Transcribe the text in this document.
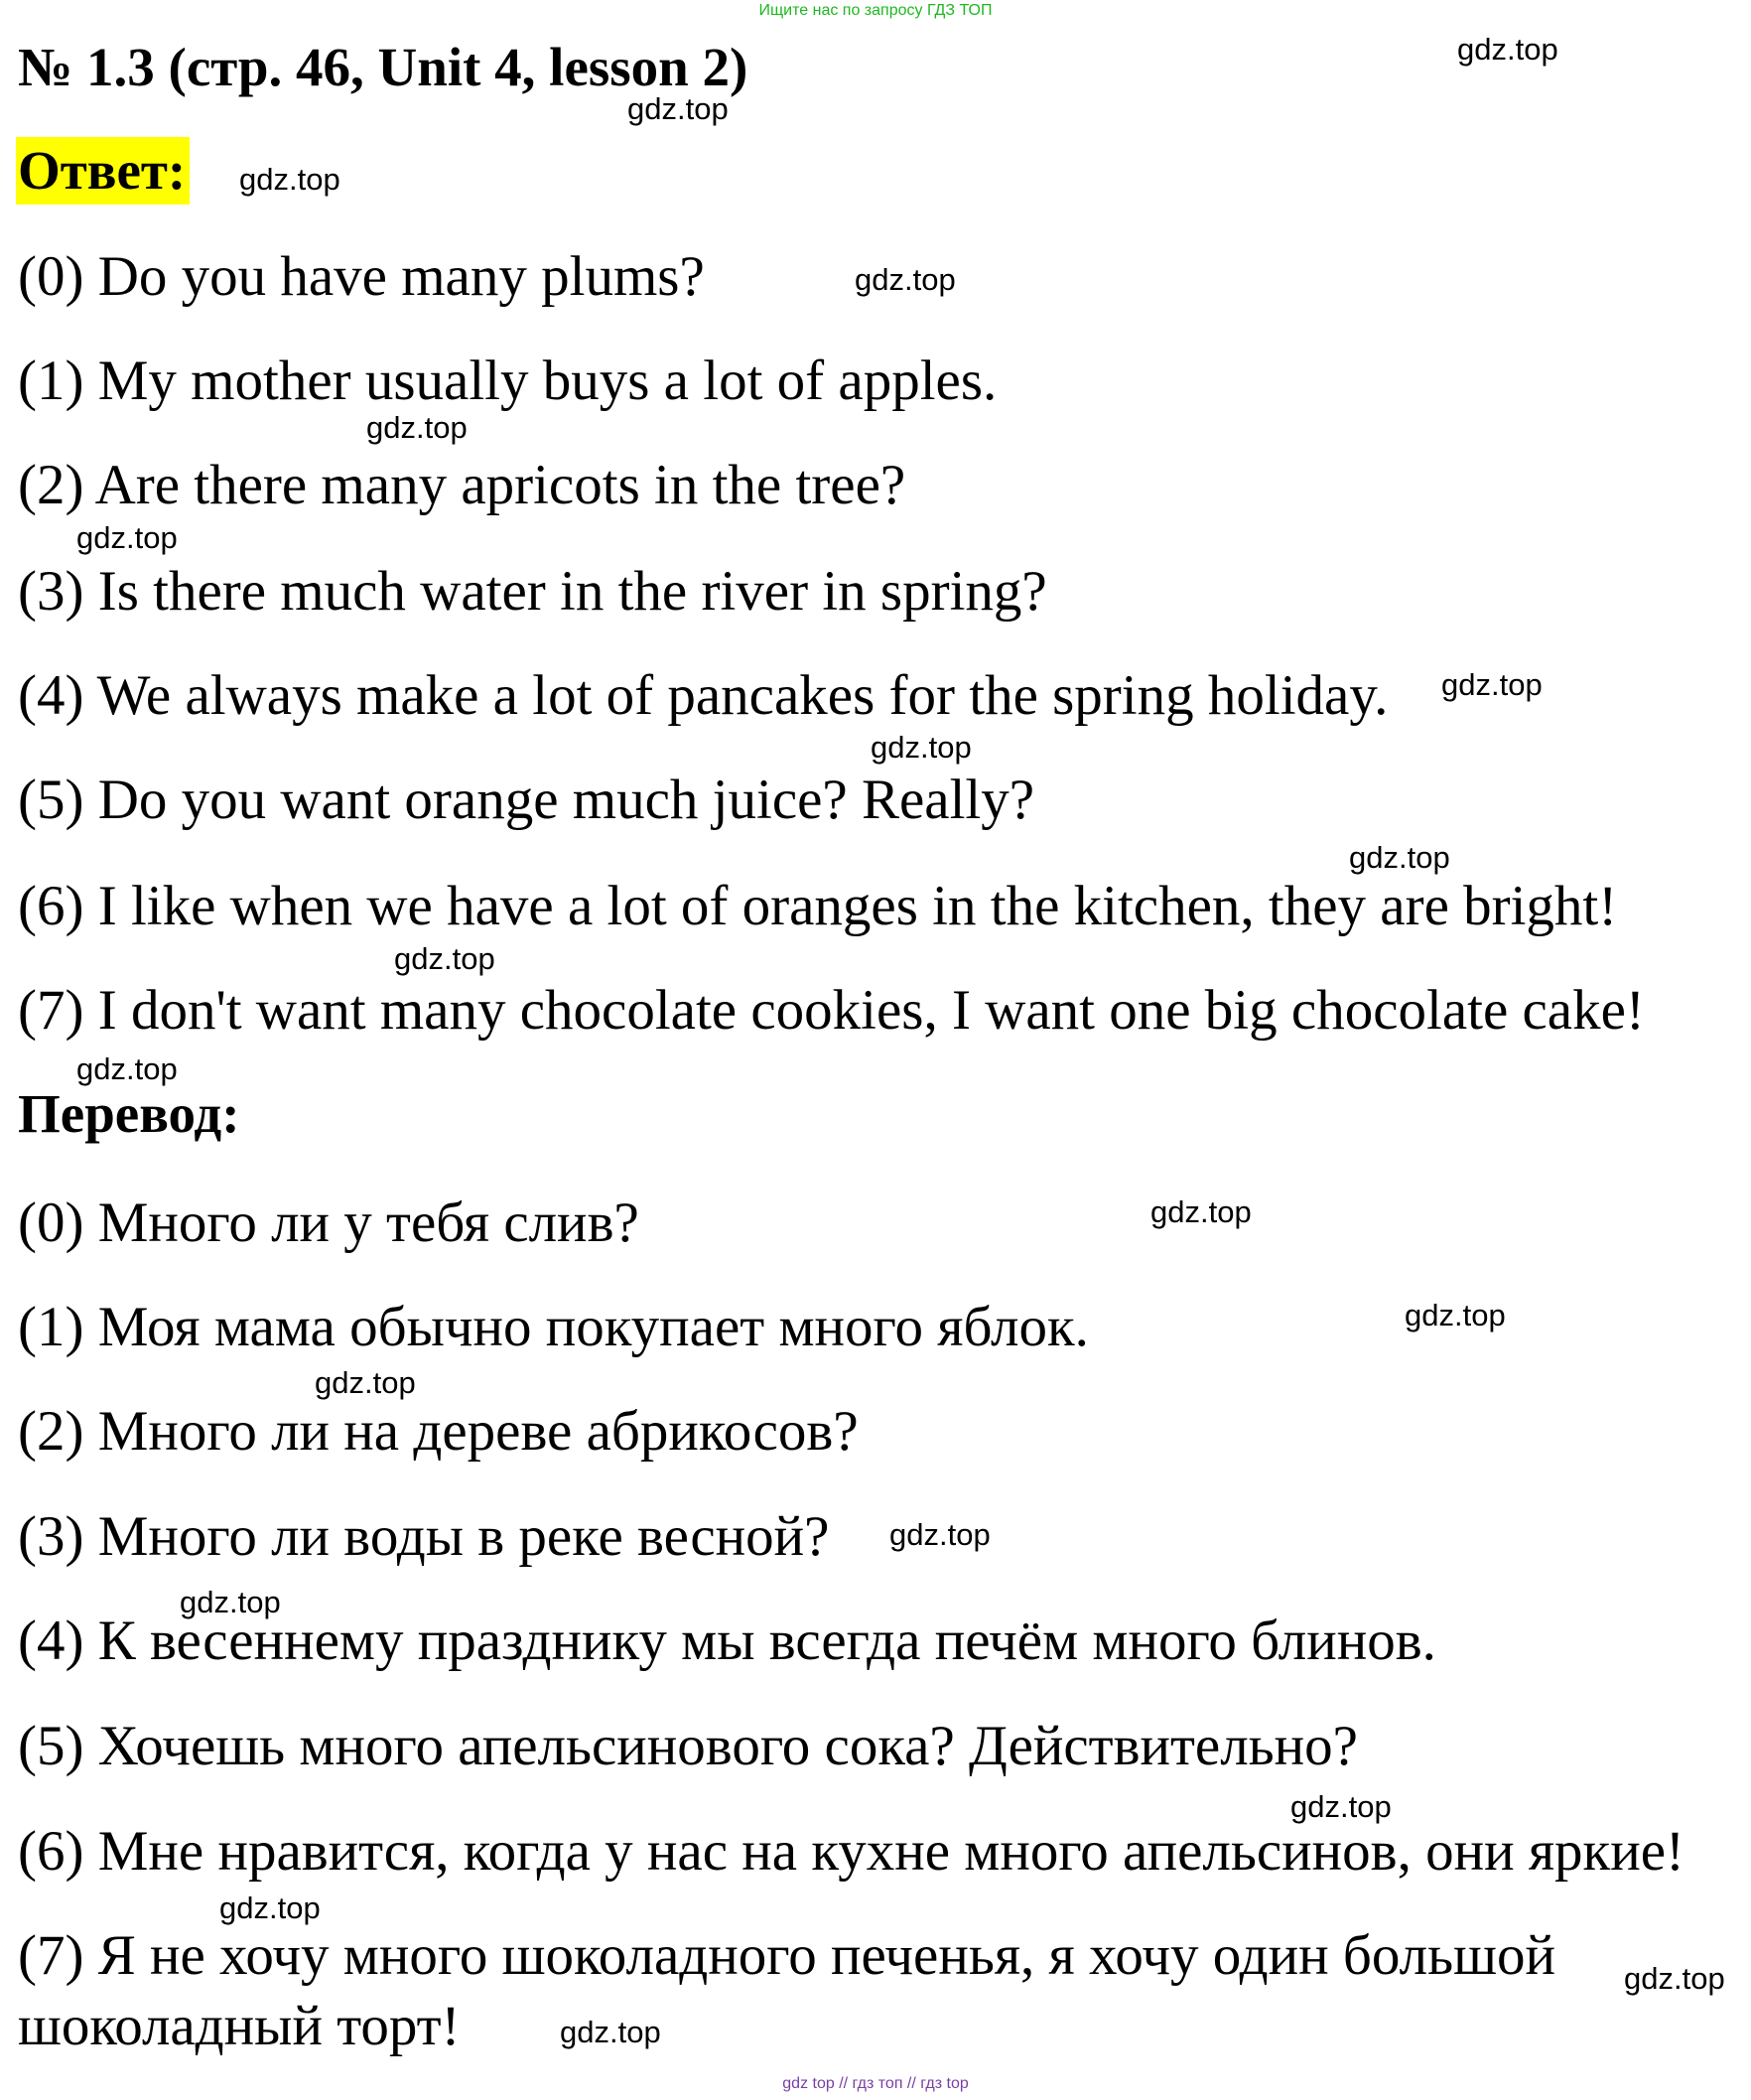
Ищите нас по запросу ГДЗ ТОП
№ 1.3 (стр. 46, Unit 4, lesson 2)
Ответ:
(0) Do you have many plums?
(1) My mother usually buys a lot of apples.
(2) Are there many apricots in the tree?
(3) Is there much water in the river in spring?
(4) We always make a lot of pancakes for the spring holiday.
(5) Do you want orange much juice? Really?
(6) I like when we have a lot of oranges in the kitchen, they are bright!
(7) I don't want many chocolate cookies, I want one big chocolate cake!
Перевод:
(0) Много ли у тебя слив?
(1) Моя мама обычно покупает много яблок.
(2) Много ли на дереве абрикосов?
(3) Много ли воды в реке весной?
(4) К весеннему празднику мы всегда печём много блинов.
(5) Хочешь много апельсинового сока? Действительно?
(6) Мне нравится, когда у нас на кухне много апельсинов, они яркие!
(7) Я не хочу много шоколадного печенья, я хочу один большой
шоколадный торт!
gdz.top
gdz.top
gdz.top
gdz.top
gdz.top
gdz.top
gdz.top
gdz.top
gdz.top
gdz.top
gdz.top
gdz.top
gdz.top
gdz.top
gdz.top
gdz.top
gdz.top
gdz.top
gdz.top
gdz.top
gdz top // гдз топ // гдз top
